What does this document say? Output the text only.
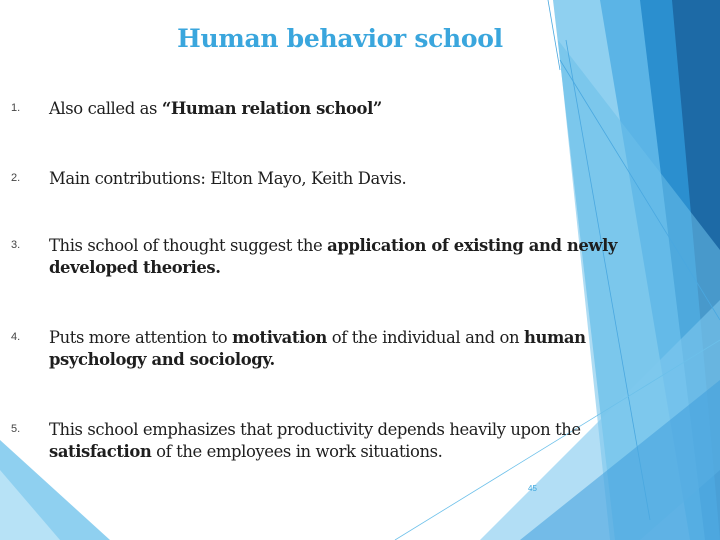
Human behavior school
1. Also called as “Human relation school”
2. Main contributions: Elton Mayo, Keith Davis.
3. This school of thought suggest the application of existing and newly developed theories.
4. Puts more attention to motivation of the individual and on human psychology and sociology.
5. This school emphasizes that productivity depends heavily upon the satisfaction of the employees in work situations.
45
